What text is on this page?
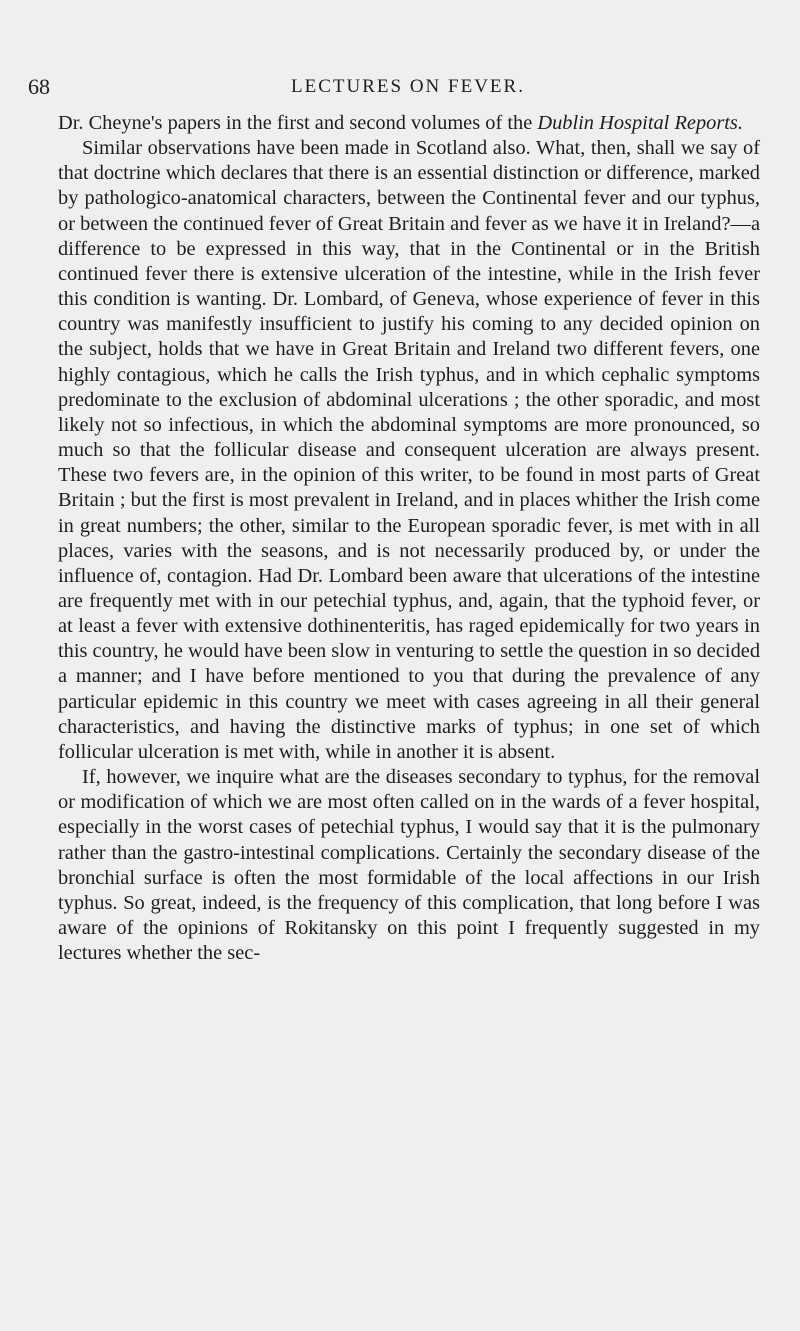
68	LECTURES ON FEVER.

Dr. Cheyne's papers in the first and second volumes of the Dublin Hospital Reports.

Similar observations have been made in Scotland also. What, then, shall we say of that doctrine which declares that there is an essential distinction or difference, marked by pathologico-anatomical characters, between the Continental fever and our typhus, or between the continued fever of Great Britain and fever as we have it in Ireland?—a difference to be expressed in this way, that in the Continental or in the British continued fever there is extensive ulceration of the intestine, while in the Irish fever this condition is wanting. Dr. Lombard, of Geneva, whose experience of fever in this country was manifestly insufficient to justify his coming to any decided opinion on the subject, holds that we have in Great Britain and Ireland two different fevers, one highly contagious, which he calls the Irish typhus, and in which cephalic symptoms predominate to the exclusion of abdominal ulcerations ; the other sporadic, and most likely not so infectious, in which the abdominal symptoms are more pronounced, so much so that the follicular disease and consequent ulceration are always present. These two fevers are, in the opinion of this writer, to be found in most parts of Great Britain ; but the first is most prevalent in Ireland, and in places whither the Irish come in great numbers; the other, similar to the European sporadic fever, is met with in all places, varies with the seasons, and is not necessarily produced by, or under the influence of, contagion. Had Dr. Lombard been aware that ulcerations of the intestine are frequently met with in our petechial typhus, and, again, that the typhoid fever, or at least a fever with extensive dothinenteritis, has raged epidemically for two years in this country, he would have been slow in venturing to settle the question in so decided a manner; and I have before mentioned to you that during the prevalence of any particular epidemic in this country we meet with cases agreeing in all their general characteristics, and having the distinctive marks of typhus; in one set of which follicular ulceration is met with, while in another it is absent.

If, however, we inquire what are the diseases secondary to typhus, for the removal or modification of which we are most often called on in the wards of a fever hospital, especially in the worst cases of petechial typhus, I would say that it is the pulmonary rather than the gastro-intestinal complications. Certainly the secondary disease of the bronchial surface is often the most formidable of the local affections in our Irish typhus. So great, indeed, is the frequency of this complication, that long before I was aware of the opinions of Rokitansky on this point I frequently suggested in my lectures whether the sec-
